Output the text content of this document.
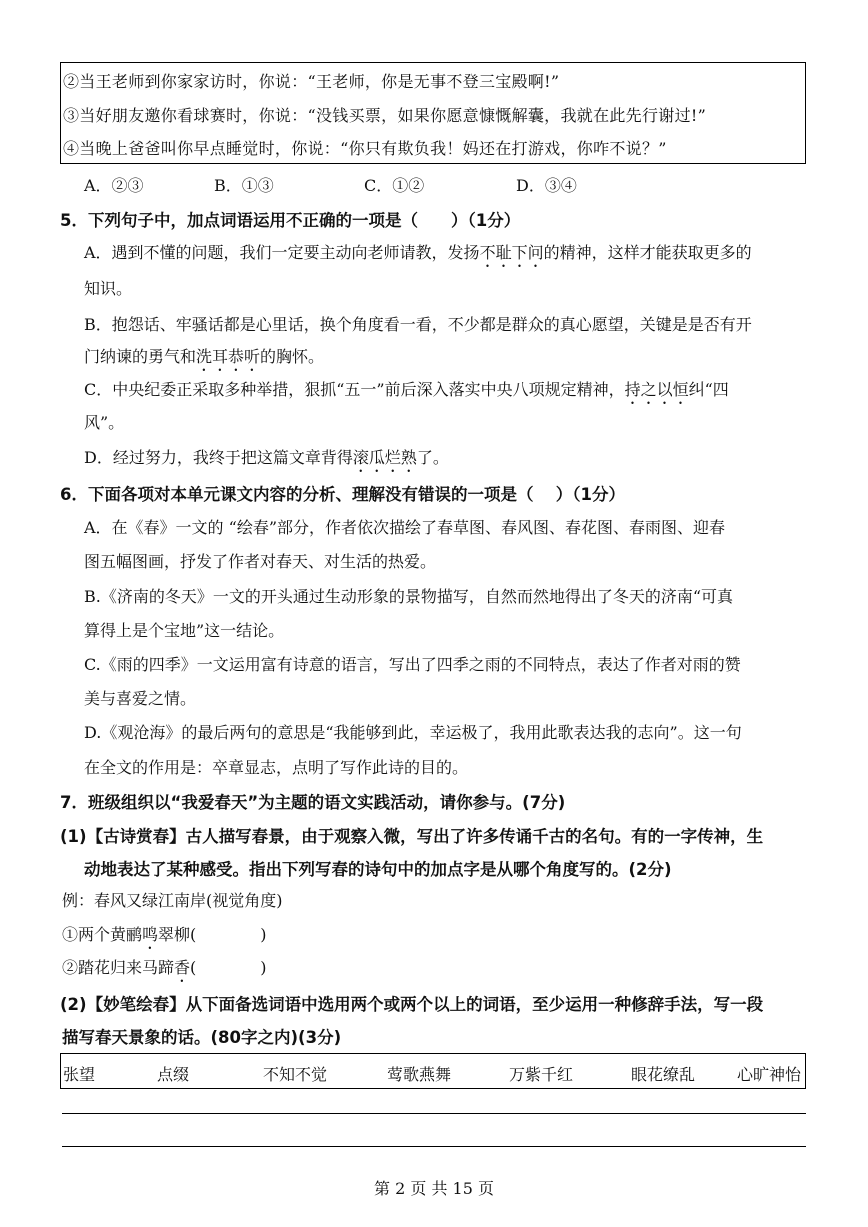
②当王老师到你家家访时，你说：“王老师，你是无事不登三宝殿啊!”
③当好朋友邀你看球赛时，你说：“没钱买票，如果你愿意慷慨解囊，我就在此先行谢过!”
④当晚上爸爸叫你早点睡觉时，你说：“你只有欺负我！妈还在打游戏，你咋不说？”
A．②③	B．①③	C．①②	D．③④
5．下列句子中，加点词语运用不正确的一项是（　　）（1分）
A．遇到不懂的问题，我们一定要主动向老师请教，发扬不耻下问的精神，这样才能获取更多的
知识。
B．抱怨话、牢骚话都是心里话，换个角度看一看，不少都是群众的真心愿望，关键是是否有开
门纳谏的勇气和洗耳恭听的胸怀。
C．中央纪委正采取多种举措，狠抓“五一”前后深入落实中央八项规定精神，持之以恒纠“四
风”。
D．经过努力，我终于把这篇文章背得滚瓜烂熟了。
6．下面各项对本单元课文内容的分析、理解没有错误的一项是（　 ）（1分）
A．在《春》一文的 “绘春”部分，作者依次描绘了春草图、春风图、春花图、春雨图、迎春
图五幅图画，抒发了作者对春天、对生活的热爱。
B.《济南的冬天》一文的开头通过生动形象的景物描写，自然而然地得出了冬天的济南“可真
算得上是个宝地”这一结论。
C.《雨的四季》一文运用富有诗意的语言，写出了四季之雨的不同特点，表达了作者对雨的赞
美与喜爱之情。
D.《观沧海》的最后两句的意思是“我能够到此，幸运极了，我用此歌表达我的志向”。这一句
在全文的作用是：卒章显志，点明了写作此诗的目的。
7．班级组织以“我爱春天”为主题的语文实践活动，请你参与。(7分)
(1)【古诗赏春】古人描写春景，由于观察入微，写出了许多传诵千古的名句。有的一字传神，生
动地表达了某种感受。指出下列写春的诗句中的加点字是从哪个角度写的。(2分)
例：春风又绿江南岸(视觉角度)
①两个黄鹂鸣翠柳(　　　　)
②踏花归来马蹄香(　　　　)
(2)【妙笔绘春】从下面备选词语中选用两个或两个以上的词语，至少运用一种修辞手法，写一段
描写春天景象的话。(80字之内)(3分)
张望	点缀	不知不觉	莺歌燕舞	万紫千红	眼花缭乱	心旷神怡
第 2 页 共 15 页
